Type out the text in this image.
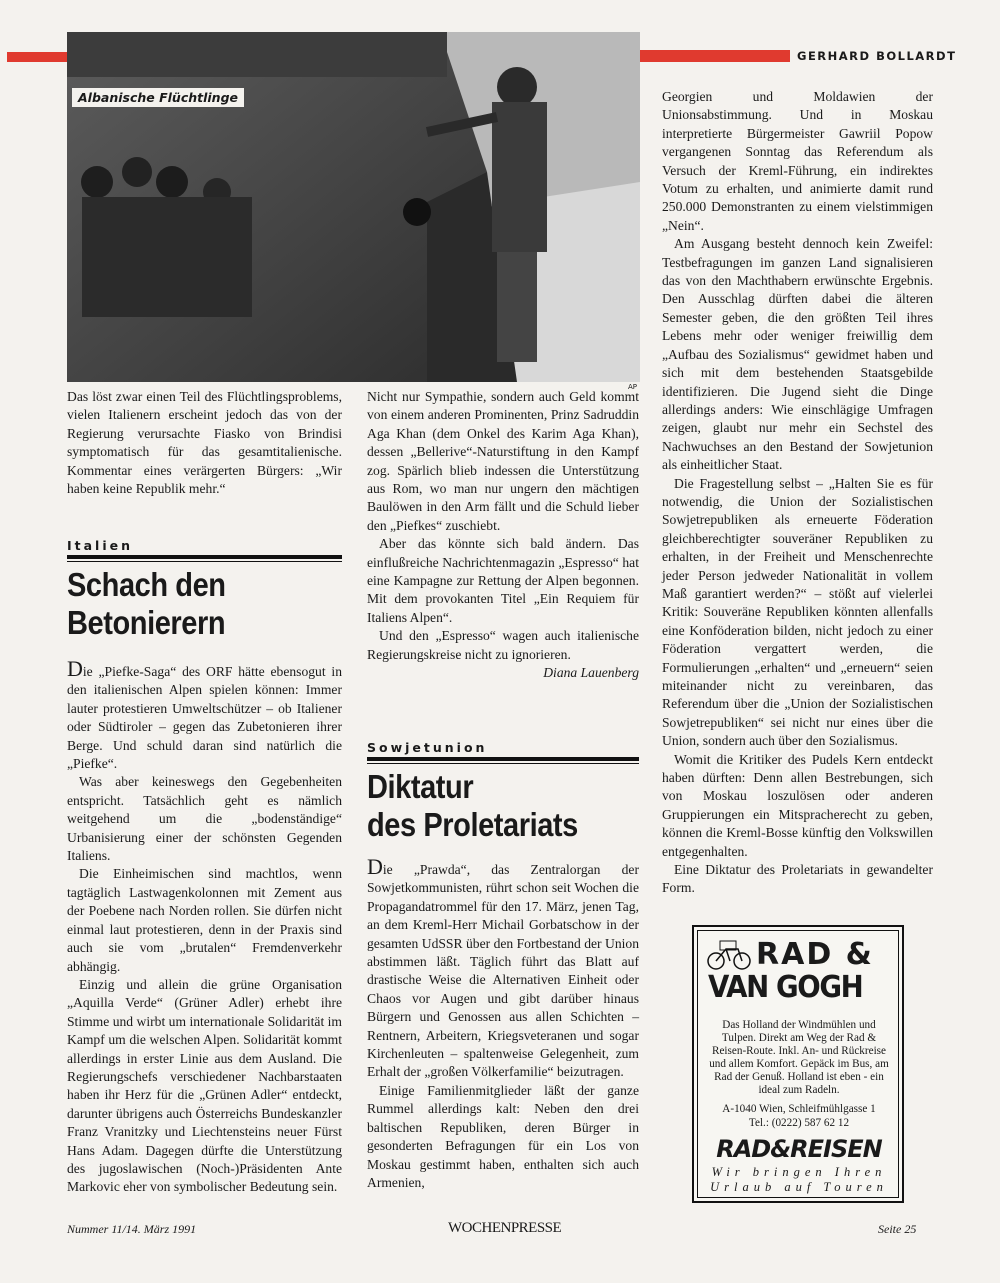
GERHARD BOLLARDT
Albanische Flüchtlinge
AP

Das löst zwar einen Teil des Flüchtlingsproblems, vielen Italienern erscheint jedoch das von der Regierung verursachte Fiasko von Brindisi symptomatisch für das gesamtitalienische. Kommentar eines verärgerten Bürgers: „Wir haben keine Republik mehr.“

Italien
Schach den
Betonierern

Die „Piefke-Saga“ des ORF hätte ebensogut in den italienischen Alpen spielen können: Immer lauter protestieren Umweltschützer – ob Italiener oder Südtiroler – gegen das Zubetonieren ihrer Berge. Und schuld daran sind natürlich die „Piefke“.

Was aber keineswegs den Gegebenheiten entspricht. Tatsächlich geht es nämlich weitgehend um die „bodenständige“ Urbanisierung einer der schönsten Gegenden Italiens.

Die Einheimischen sind machtlos, wenn tagtäglich Lastwagenkolonnen mit Zement aus der Poebene nach Norden rollen. Sie dürfen nicht einmal laut protestieren, denn in der Praxis sind auch sie vom „brutalen“ Fremdenverkehr abhängig.

Einzig und allein die grüne Organisation „Aquilla Verde“ (Grüner Adler) erhebt ihre Stimme und wirbt um internationale Solidarität im Kampf um die welschen Alpen. Solidarität kommt allerdings in erster Linie aus dem Ausland. Die Regierungschefs verschiedener Nachbarstaaten haben ihr Herz für die „Grünen Adler“ entdeckt, darunter übrigens auch Österreichs Bundeskanzler Franz Vranitzky und Liechtensteins neuer Fürst Hans Adam. Dagegen dürfte die Unterstützung des jugoslawischen (Noch-)Präsidenten Ante Markovic eher von symbolischer Bedeutung sein.

Nicht nur Sympathie, sondern auch Geld kommt von einem anderen Prominenten, Prinz Sadruddin Aga Khan (dem Onkel des Karim Aga Khan), dessen „Bellerive“-Naturstiftung in den Kampf zog. Spärlich blieb indessen die Unterstützung aus Rom, wo man nur ungern den mächtigen Baulöwen in den Arm fällt und die Schuld lieber den „Piefkes“ zuschiebt.

Aber das könnte sich bald ändern. Das einflußreiche Nachrichtenmagazin „Espresso“ hat eine Kampagne zur Rettung der Alpen begonnen. Mit dem provokanten Titel „Ein Requiem für Italiens Alpen“.

Und den „Espresso“ wagen auch italienische Regierungskreise nicht zu ignorieren.

Diana Lauenberg
Sowjetunion
Diktatur
des Proletariats

Die „Prawda“, das Zentralorgan der Sowjetkommunisten, rührt schon seit Wochen die Propagandatrommel für den 17. März, jenen Tag, an dem Kreml-Herr Michail Gorbatschow in der gesamten UdSSR über den Fortbestand der Union abstimmen läßt. Täglich führt das Blatt auf drastische Weise die Alternativen Einheit oder Chaos vor Augen und gibt darüber hinaus Bürgern und Genossen aus allen Schichten – Rentnern, Arbeitern, Kriegsveteranen und sogar Kirchenleuten – spaltenweise Gelegenheit, zum Erhalt der „großen Völkerfamilie“ beizutragen.

Einige Familienmitglieder läßt der ganze Rummel allerdings kalt: Neben den drei baltischen Republiken, deren Bürger in gesonderten Befragungen für ein Los von Moskau gestimmt haben, enthalten sich auch Armenien,

Georgien und Moldawien der Unionsabstimmung. Und in Moskau interpretierte Bürgermeister Gawriil Popow vergangenen Sonntag das Referendum als Versuch der Kreml-Führung, ein indirektes Votum zu erhalten, und animierte damit rund 250.000 Demonstranten zu einem vielstimmigen „Nein“.

Am Ausgang besteht dennoch kein Zweifel: Testbefragungen im ganzen Land signalisieren das von den Machthabern erwünschte Ergebnis. Den Ausschlag dürften dabei die älteren Semester geben, die den größten Teil ihres Lebens mehr oder weniger freiwillig dem „Aufbau des Sozialismus“ gewidmet haben und sich mit dem bestehenden Staatsgebilde identifizieren. Die Jugend sieht die Dinge allerdings anders: Wie einschlägige Umfragen zeigen, glaubt nur mehr ein Sechstel des Nachwuchses an den Bestand der Sowjetunion als einheitlicher Staat.

Die Fragestellung selbst – „Halten Sie es für notwendig, die Union der Sozialistischen Sowjetrepubliken als erneuerte Föderation gleichberechtigter souveräner Republiken zu erhalten, in der Freiheit und Menschenrechte jeder Person jedweder Nationalität in vollem Maß garantiert werden?“ – stößt auf vielerlei Kritik: Souveräne Republiken könnten allenfalls eine Konföderation bilden, nicht jedoch zu einer Föderation vergattert werden, die Formulierungen „erhalten“ und „erneuern“ seien miteinander nicht zu vereinbaren, das Referendum über die „Union der Sozialistischen Sowjetrepubliken“ sei nicht nur eines über die Union, sondern auch über den Sozialismus.

Womit die Kritiker des Pudels Kern entdeckt haben dürften: Denn allen Bestrebungen, sich von Moskau loszulösen oder anderen Gruppierungen ein Mitspracherecht zu geben, können die Kreml-Bosse künftig den Volkswillen entgegenhalten.

Eine Diktatur des Proletariats in gewandelter Form.

RAD &
VAN GOGH
Das Holland der Windmühlen und Tulpen. Direkt am Weg der Rad & Reisen-Route. Inkl. An- und Rückreise und allem Komfort. Gepäck im Bus, am Rad der Genuß. Holland ist eben - ein ideal zum Radeln.
A-1040 Wien, Schleifmühlgasse 1
Tel.: (0222) 587 62 12
RAD&REISEN
Wir bringen Ihren
Urlaub auf Touren
Nummer 11/14. März 1991	WOCHENPRESSE	Seite 25
